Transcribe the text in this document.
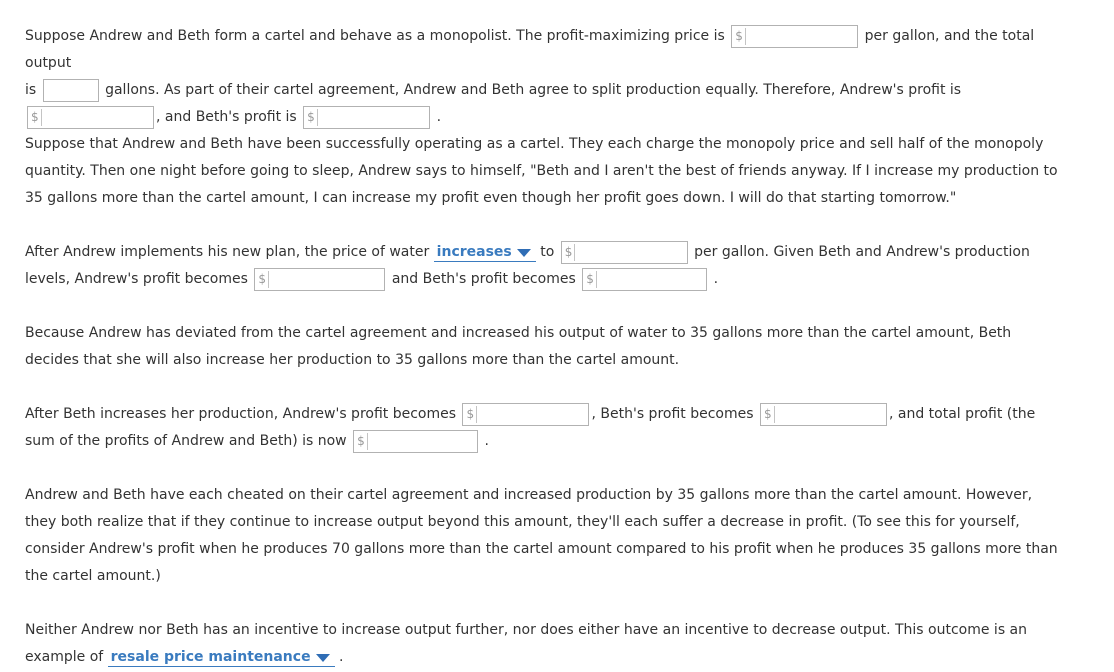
Suppose Andrew and Beth form a cartel and behave as a monopolist. The profit-maximizing price is $	per gallon, and the total output
is	gallons. As part of their cartel agreement, Andrew and Beth agree to split production equally. Therefore, Andrew's profit is

$	, and Beth's profit is $	.

Suppose that Andrew and Beth have been successfully operating as a cartel. They each charge the monopoly price and sell half of the monopoly quantity. Then one night before going to sleep, Andrew says to himself, "Beth and I aren't the best of friends anyway. If I increase my production to 35 gallons more than the cartel amount, I can increase my profit even though her profit goes down. I will do that starting tomorrow."

After Andrew implements his new plan, the price of water increases to $	per gallon. Given Beth and Andrew's production levels, Andrew's profit becomes $	and Beth's profit becomes $	.

Because Andrew has deviated from the cartel agreement and increased his output of water to 35 gallons more than the cartel amount, Beth decides that she will also increase her production to 35 gallons more than the cartel amount.

After Beth increases her production, Andrew's profit becomes $	, Beth's profit becomes $	, and total profit (the sum of the profits of Andrew and Beth) is now $	.

Andrew and Beth have each cheated on their cartel agreement and increased production by 35 gallons more than the cartel amount. However, they both realize that if they continue to increase output beyond this amount, they'll each suffer a decrease in profit. (To see this for yourself, consider Andrew's profit when he produces 70 gallons more than the cartel amount compared to his profit when he produces 35 gallons more than the cartel amount.)

Neither Andrew nor Beth has an incentive to increase output further, nor does either have an incentive to decrease output. This outcome is an example of resale price maintenance .
